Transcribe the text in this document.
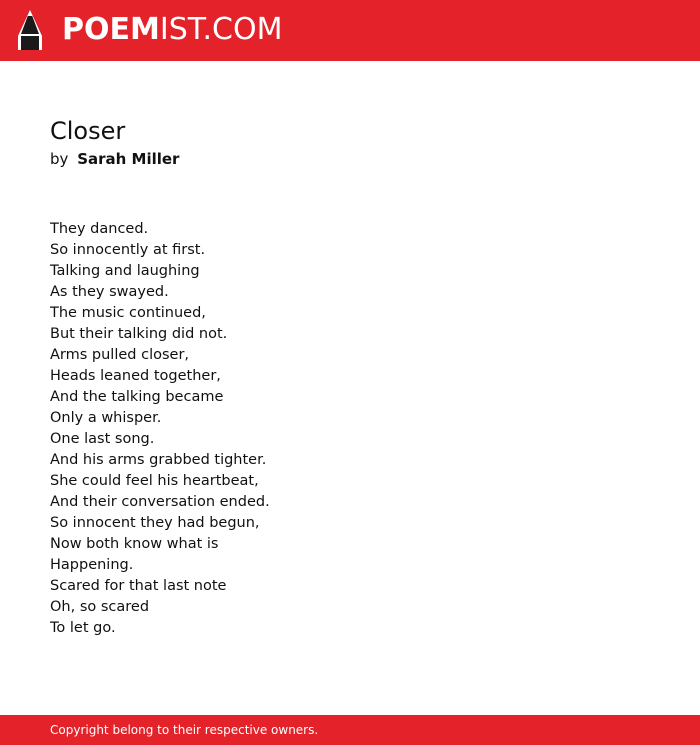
POEMIST.COM
Closer
by Sarah Miller
They danced.
So innocently at first.
Talking and laughing
As they swayed.
The music continued,
But their talking did not.
Arms pulled closer,
Heads leaned together,
And the talking became
Only a whisper.
One last song.
And his arms grabbed tighter.
She could feel his heartbeat,
And their conversation ended.
So innocent they had begun,
Now both know what is
Happening.
Scared for that last note
Oh, so scared
To let go.
Copyright belong to their respective owners.
